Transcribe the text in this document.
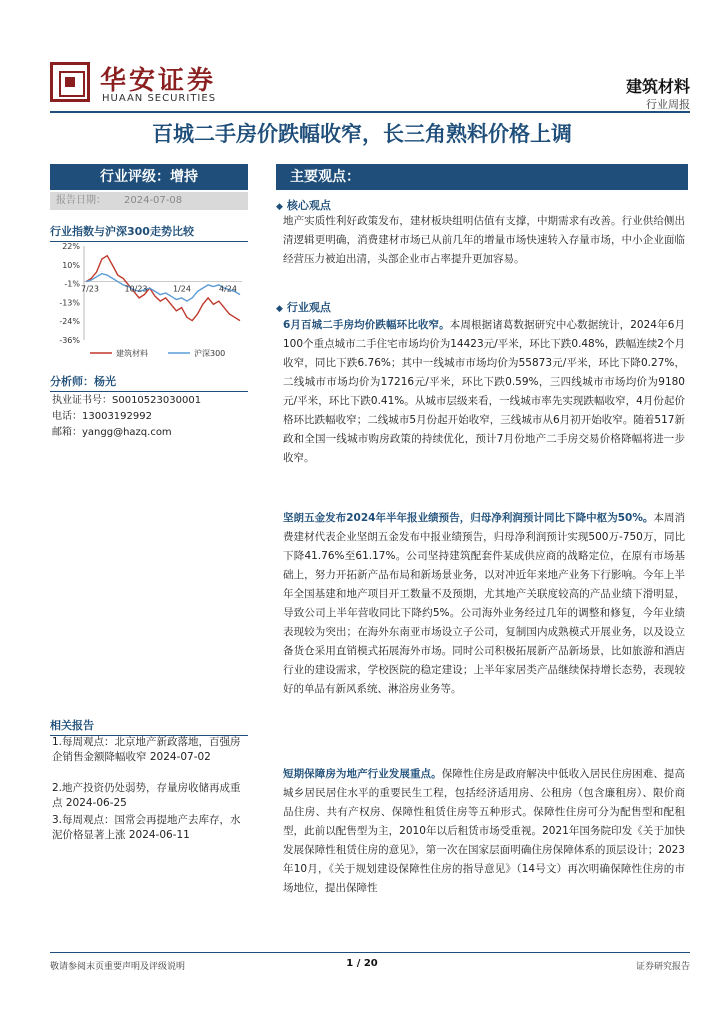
华安证券
HUAAN SECURITIES
建筑材料
行业周报
百城二手房价跌幅收窄，长三角熟料价格上调
行业评级：增持
报告日期： 2024-07-08
行业指数与沪深300走势比较
22%
10%
-1%
-13%
-24%
-36%
7/23	10/23	1/24	4/24
建筑材料	沪深300
分析师：杨光
执业证书号：S0010523030001
电话：13003192992
邮箱：yangg@hazq.com
相关报告
1.每周观点：北京地产新政落地，百强房企销售金额降幅收窄 2024-07-02
2.地产投资仍处弱势，存量房收储再成重点 2024-06-25
3.每周观点：国常会再提地产去库存，水泥价格显著上涨 2024-06-11
主要观点：
◆ 核心观点
地产实质性利好政策发布，建材板块组明估值有支撑，中期需求有改善。行业供给侧出清逻辑更明确，消费建材市场已从前几年的增量市场快速转入存量市场，中小企业面临经营压力被迫出清，头部企业市占率提升更加容易。
◆ 行业观点
6月百城二手房均价跌幅环比收窄。本周根据诸葛数据研究中心数据统计，2024年6月100个重点城市二手住宅市场均价为14423元/平米，环比下跌0.48%，跌幅连续2个月收窄，同比下跌6.76%；其中一线城市市场均价为55873元/平米，环比下降0.27%，二线城市市场均价为17216元/平米，环比下跌0.59%，三四线城市市场均价为9180元/平米，环比下跌0.41%。从城市层级来看，一线城市率先实现跌幅收窄，4月份起价格环比跌幅收窄；二线城市5月份起开始收窄，三线城市从6月初开始收窄。随着517新政和全国一线城市购房政策的持续优化，预计7月份地产二手房交易价格降幅将进一步收窄。
坚朗五金发布2024年半年报业绩预告，归母净利润预计同比下降中枢为50%。本周消费建材代表企业坚朗五金发布中报业绩预告，归母净利润预计实现500万-750万，同比下降41.76%至61.17%。公司坚持建筑配套件某成供应商的战略定位，在原有市场基础上，努力开拓新产品布局和新场景业务，以对冲近年来地产业务下行影响。今年上半年全国基建和地产项目开工数量不及预期，尤其地产关联度较高的产品业绩下滑明显，导致公司上半年营收同比下降约5%。公司海外业务经过几年的调整和修复，今年业绩表现较为突出；在海外东南亚市场设立子公司，复制国内成熟模式开展业务，以及设立备货仓采用直销模式拓展海外市场。同时公司积极拓展新产品新场景，比如旅游和酒店行业的建设需求，学校医院的稳定建设；上半年家居类产品继续保持增长态势，表现较好的单品有新风系统、淋浴房业务等。
短期保障房为地产行业发展重点。保障性住房是政府解决中低收入居民住房困难、提高城乡居民居住水平的重要民生工程，包括经济适用房、公租房（包含廉租房）、限价商品住房、共有产权房、保障性租赁住房等五种形式。保障性住房可分为配售型和配租型，此前以配售型为主，2010年以后租赁市场受重视。2021年国务院印发《关于加快发展保障性租赁住房的意见》，第一次在国家层面明确住房保障体系的顶层设计；2023年10月，《关于规划建设保障性住房的指导意见》（14号文）再次明确保障性住房的市场地位，提出保障性
敬请参阅末页重要声明及评级说明	1 / 20	证券研究报告
